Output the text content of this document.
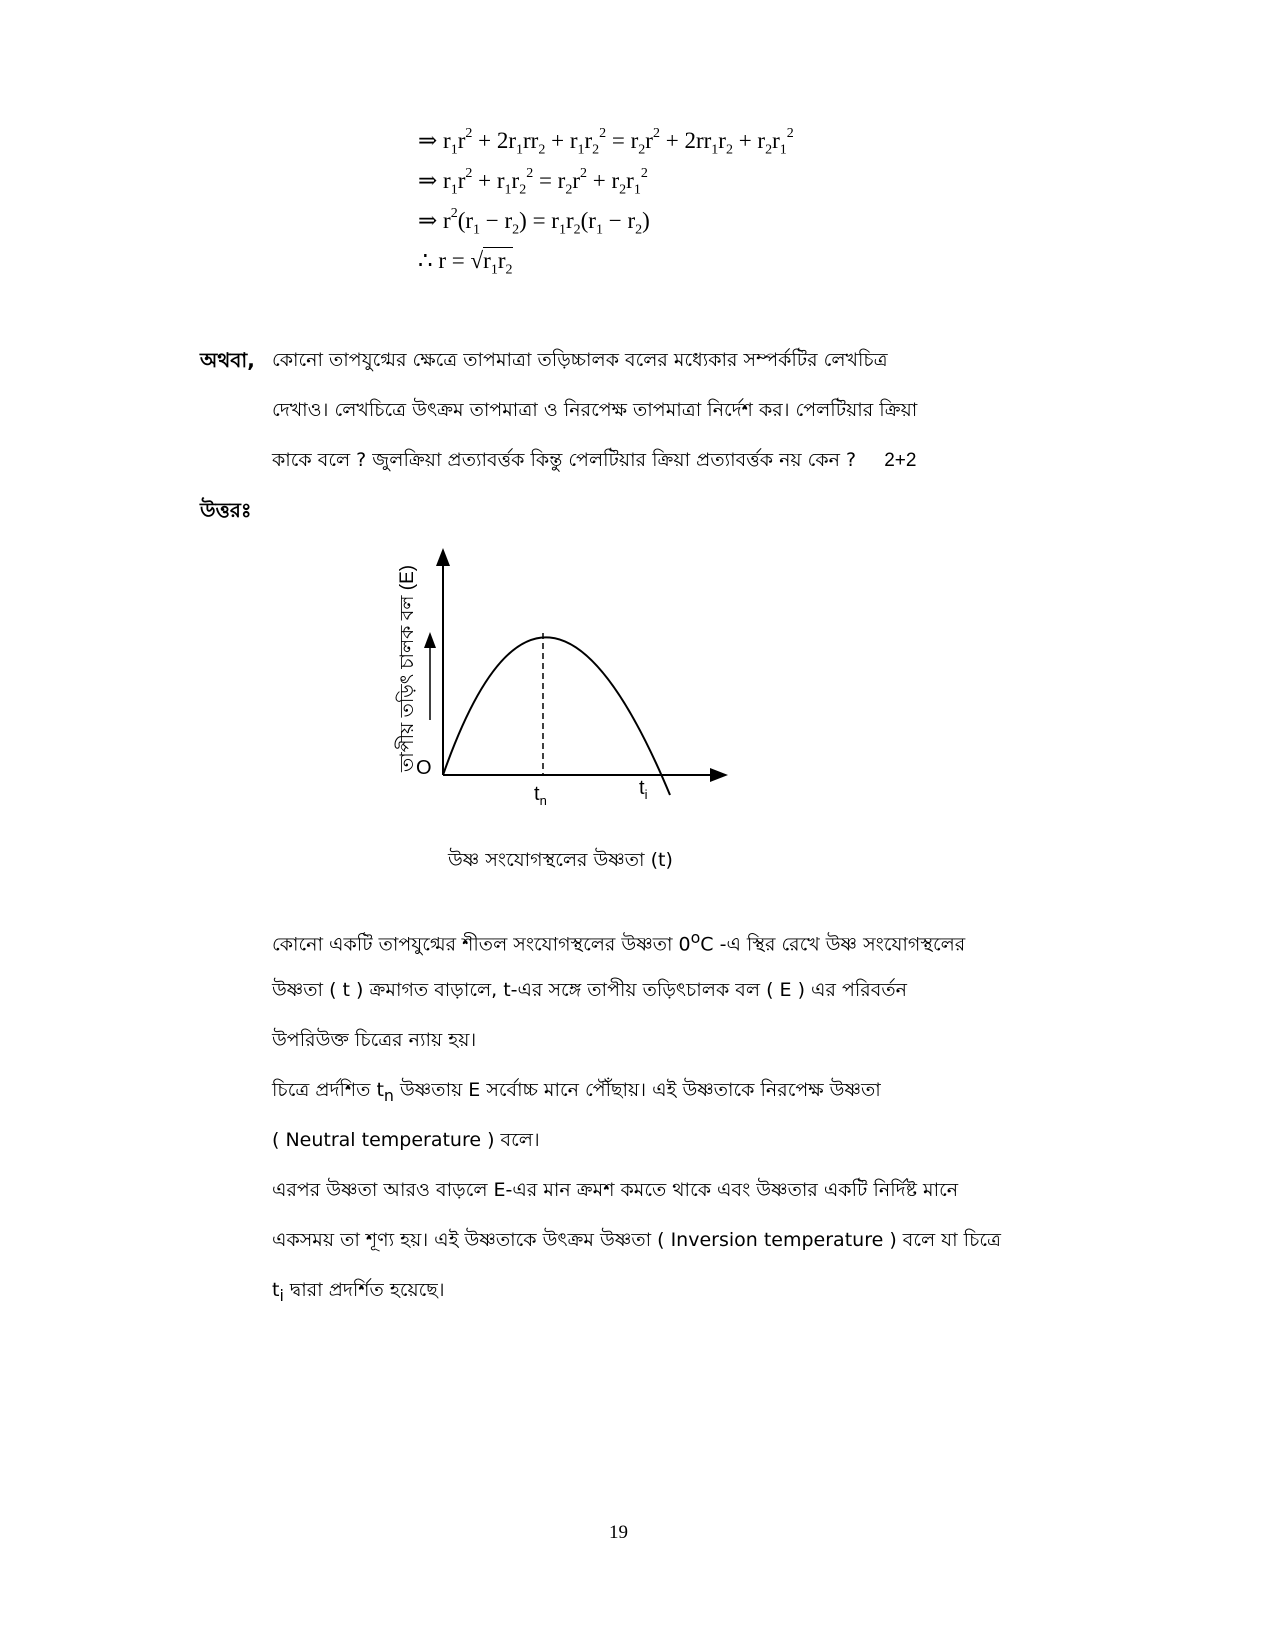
⇒ $r_1r^2 + 2r_1rr_2 + r_1r_2^2 = r_2r^2 + 2rr_1r_2 + r_2r_1^2$
⇒ $r_1r^2 + r_1r_2^2 = r_2r^2 + r_2r_1^2$
⇒ $r^2(r_1 - r_2) = r_1r_2(r_1 - r_2)$
∴ $r = √r_1r_2$
অথবা, কোনো তাপযুগ্মের ক্ষেত্রে তাপমাত্রা তড়িচ্চালক বলের মধ্যেকার সম্পর্কটির লেখচিত্র
দেখাও। লেখচিত্রে উৎক্রম তাপমাত্রা ও নিরপেক্ষ তাপমাত্রা নির্দেশ কর। পেলটিয়ার ক্রিয়া
কাকে বলে ? জুলক্রিয়া প্রত্যাবর্ত্তক কিন্তু পেলটিয়ার ক্রিয়া প্রত্যাবর্ত্তক নয় কেন ? 2+2
উত্তরঃ
O
$t_n$
$t_i$
তাপীয় তড়িৎ চালক বল (E)
উষ্ণ সংযোগস্থলের উষ্ণতা (t)
কোনো একটি তাপযুগ্মের শীতল সংযোগস্থলের উষ্ণতা 0$^o$C -এ স্থির রেখে উষ্ণ সংযোগস্থলের
উষ্ণতা ( t ) ক্রমাগত বাড়ালে, t-এর সঙ্গে তাপীয় তড়িৎচালক বল ( E ) এর পরিবর্তন
উপরিউক্ত চিত্রের ন্যায় হয়।
চিত্রে প্রর্দশিত $t_n$ উষ্ণতায় E সর্বোচ্চ মানে পৌঁছায়। এই উষ্ণতাকে নিরপেক্ষ উষ্ণতা
( Neutral temperature ) বলে।
এরপর উষ্ণতা আরও বাড়লে E-এর মান ক্রমশ কমতে থাকে এবং উষ্ণতার একটি নির্দিষ্ট মানে
একসময় তা শূণ্য হয়। এই উষ্ণতাকে উৎক্রম উষ্ণতা ( Inversion temperature ) বলে যা চিত্রে
$t_i$ দ্বারা প্রদর্শিত হয়েছে।
19
